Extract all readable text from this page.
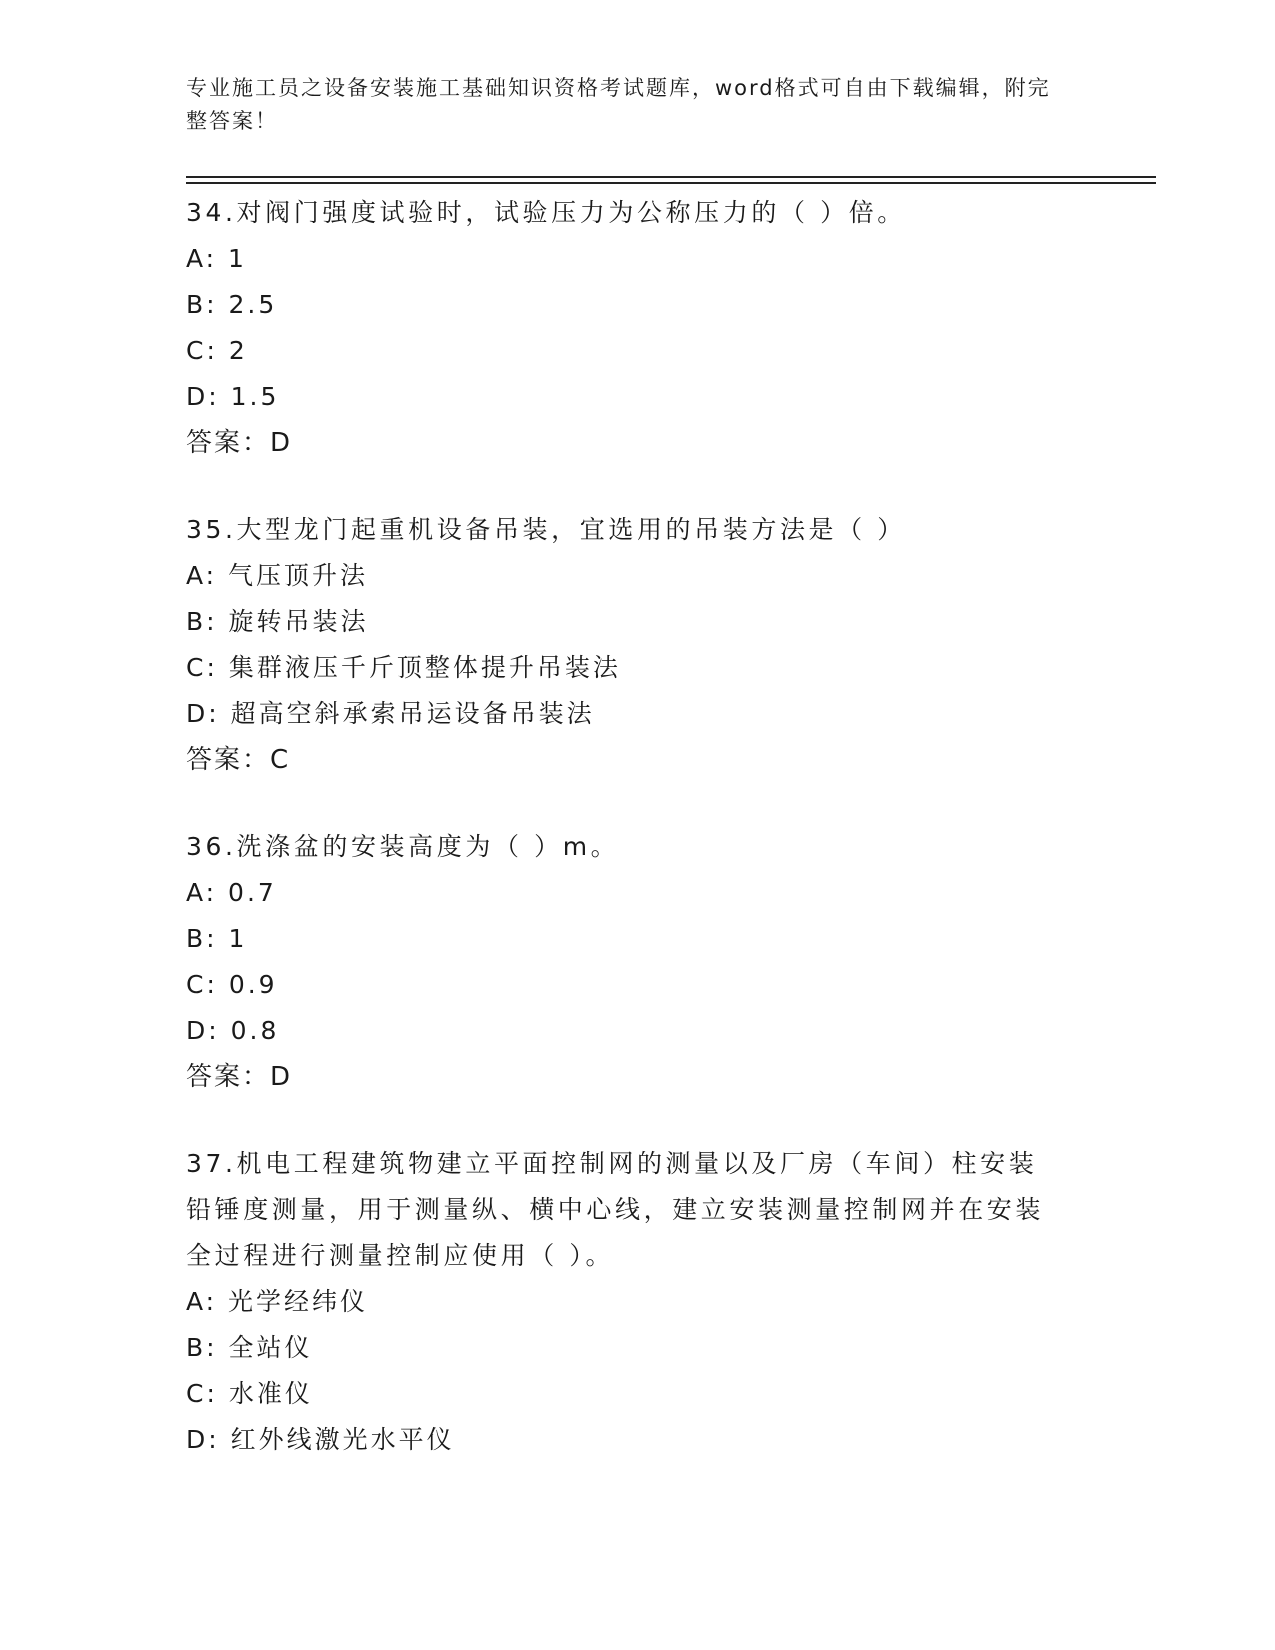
专业施工员之设备安装施工基础知识资格考试题库，word格式可自由下载编辑，附完整答案！

34.对阀门强度试验时，试验压力为公称压力的（ ）倍。

A: 1

B: 2.5

C: 2

D: 1.5

答案：D

35.大型龙门起重机设备吊装，宜选用的吊装方法是（ ）

A: 气压顶升法

B: 旋转吊装法

C: 集群液压千斤顶整体提升吊装法

D: 超高空斜承索吊运设备吊装法

答案：C

36.洗涤盆的安装高度为（ ）m。

A: 0.7

B: 1

C: 0.9

D: 0.8

答案：D

37.机电工程建筑物建立平面控制网的测量以及厂房（车间）柱安装铅锤度测量，用于测量纵、横中心线，建立安装测量控制网并在安装全过程进行测量控制应使用（ ）。

A: 光学经纬仪

B: 全站仪

C: 水准仪

D: 红外线激光水平仪
